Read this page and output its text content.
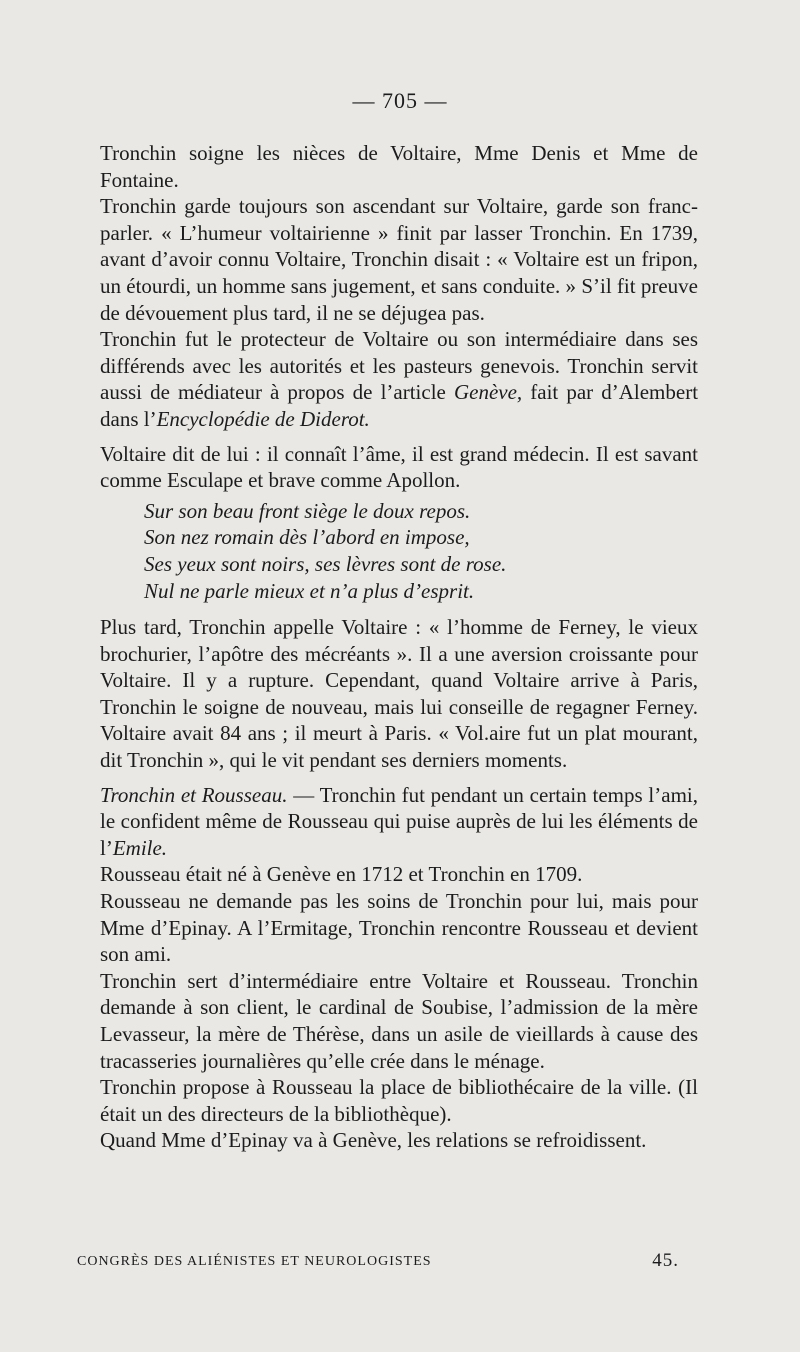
— 705 —

Tronchin soigne les nièces de Voltaire, Mme Denis et Mme de Fontaine.

Tronchin garde toujours son ascendant sur Voltaire, garde son franc-parler. « L’humeur voltairienne » finit par lasser Tronchin. En 1739, avant d’avoir connu Voltaire, Tronchin disait : « Voltaire est un fripon, un étourdi, un homme sans jugement, et sans conduite. » S’il fit preuve de dévouement plus tard, il ne se déjugea pas.

Tronchin fut le protecteur de Voltaire ou son intermédiaire dans ses différends avec les autorités et les pasteurs genevois. Tronchin servit aussi de médiateur à propos de l’article Genève, fait par d’Alembert dans l’Encyclopédie de Diderot.

Voltaire dit de lui : il connaît l’âme, il est grand médecin. Il est savant comme Esculape et brave comme Apollon.

Sur son beau front siège le doux repos.
Son nez romain dès l’abord en impose,
Ses yeux sont noirs, ses lèvres sont de rose.
Nul ne parle mieux et n’a plus d’esprit.

Plus tard, Tronchin appelle Voltaire : « l’homme de Ferney, le vieux brochurier, l’apôtre des mécréants ». Il a une aversion croissante pour Voltaire. Il y a rupture. Cependant, quand Voltaire arrive à Paris, Tronchin le soigne de nouveau, mais lui conseille de regagner Ferney. Voltaire avait 84 ans ; il meurt à Paris. « Vol.aire fut un plat mourant, dit Tronchin », qui le vit pendant ses derniers moments.

Tronchin et Rousseau. — Tronchin fut pendant un certain temps l’ami, le confident même de Rousseau qui puise auprès de lui les éléments de l’Emile.

Rousseau était né à Genève en 1712 et Tronchin en 1709.

Rousseau ne demande pas les soins de Tronchin pour lui, mais pour Mme d’Epinay. A l’Ermitage, Tronchin rencontre Rousseau et devient son ami.

Tronchin sert d’intermédiaire entre Voltaire et Rousseau. Tronchin demande à son client, le cardinal de Soubise, l’admission de la mère Levasseur, la mère de Thérèse, dans un asile de vieillards à cause des tracasseries journalières qu’elle crée dans le ménage.

Tronchin propose à Rousseau la place de bibliothécaire de la ville. (Il était un des directeurs de la bibliothèque).

Quand Mme d’Epinay va à Genève, les relations se refroidissent.

CONGRÈS DES ALIÉNISTES ET NEUROLOGISTES	45.
